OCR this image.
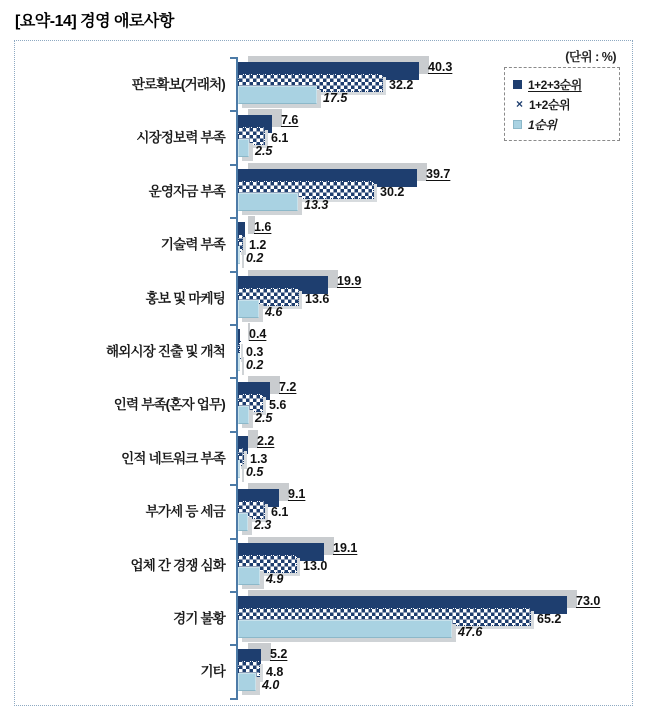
[요약-14] 경영 애로사항
(단위 : %)
1+2+3순위
× 1+2순위
1순위
판로확보(거래처)
40.3
32.2
17.5
시장정보력 부족
7.6
6.1
2.5
운영자금 부족
39.7
30.2
13.3
기술력 부족
1.6
1.2
0.2
홍보 및 마케팅
19.9
13.6
4.6
해외시장 진출 및 개척
0.4
0.3
0.2
인력 부족(혼자 업무)
7.2
5.6
2.5
인적 네트워크 부족
2.2
1.3
0.5
부가세 등 세금
9.1
6.1
2.3
업체 간 경쟁 심화
19.1
13.0
4.9
경기 불황
73.0
65.2
47.6
기타
5.2
4.8
4.0
